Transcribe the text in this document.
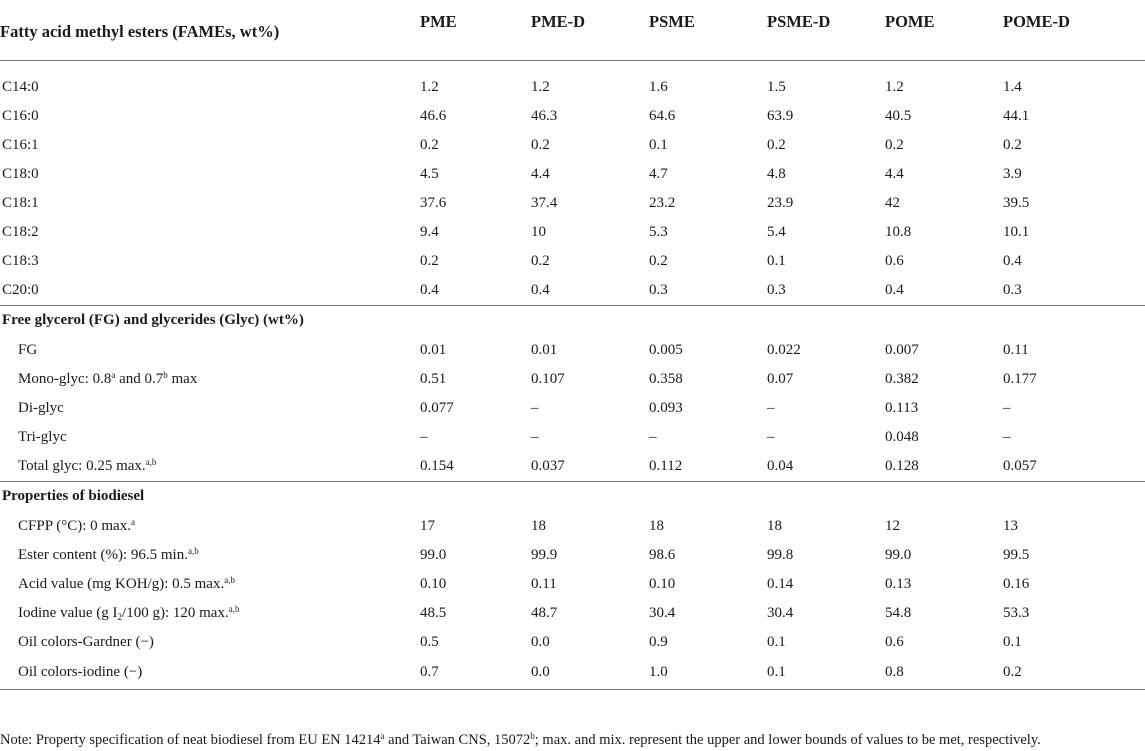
Fatty acid methyl esters (FAMEs, wt%)	PME	PME-D	PSME	PSME-D	POME	POME-D

C14:0	1.2	1.2	1.6	1.5	1.2	1.4
C16:0	46.6	46.3	64.6	63.9	40.5	44.1
C16:1	0.2	0.2	0.1	0.2	0.2	0.2
C18:0	4.5	4.4	4.7	4.8	4.4	3.9
C18:1	37.6	37.4	23.2	23.9	42	39.5
C18:2	9.4	10	5.3	5.4	10.8	10.1
C18:3	0.2	0.2	0.2	0.1	0.6	0.4
C20:0	0.4	0.4	0.3	0.3	0.4	0.3
Free glycerol (FG) and glycerides (Glyc) (wt%)						
FG	0.01	0.01	0.005	0.022	0.007	0.11
Mono-glyc: 0.8$^a$ and 0.7$^b$ max	0.51	0.107	0.358	0.07	0.382	0.177
Di-glyc	0.077	–	0.093	–	0.113	–
Tri-glyc	–	–	–	–	0.048	–
Total glyc: 0.25 max.$^{a,b}$	0.154	0.037	0.112	0.04	0.128	0.057
Properties of biodiesel						
CFPP (°C): 0 max.$^a$	17	18	18	18	12	13
Ester content (%): 96.5 min.$^{a,b}$	99.0	99.9	98.6	99.8	99.0	99.5
Acid value (mg KOH/g): 0.5 max.$^{a,b}$	0.10	0.11	0.10	0.14	0.13	0.16
Iodine value (g $I_2/100$ g): 120 max.$^{a,b}$	48.5	48.7	30.4	30.4	54.8	53.3
Oil colors-Gardner (−)	0.5	0.0	0.9	0.1	0.6	0.1
Oil colors-iodine (−)	0.7	0.0	1.0	0.1	0.8	0.2
Note: Property specification of neat biodiesel from EU EN 14214$^a$ and Taiwan CNS, 15072$^b$; max. and mix. represent the upper and lower bounds of values to be met, respectively.
